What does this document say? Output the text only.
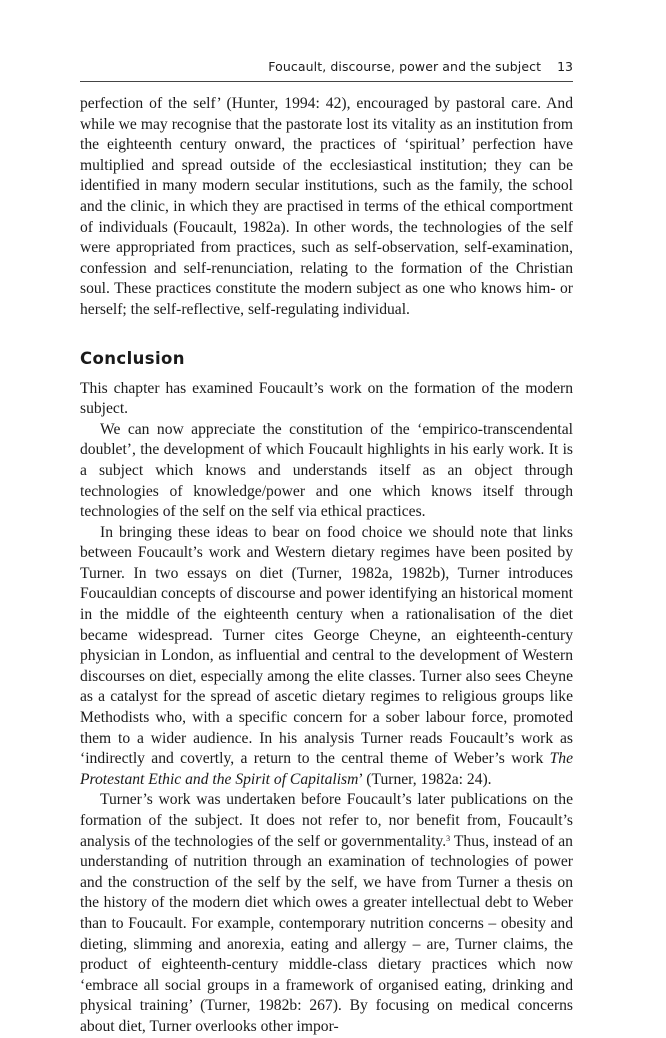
Foucault, discourse, power and the subject 13

perfection of the self’ (Hunter, 1994: 42), encouraged by pastoral care. And while we may recognise that the pastorate lost its vitality as an institution from the eighteenth century onward, the practices of ‘spiritual’ perfection have multiplied and spread outside of the ecclesiastical institution; they can be identified in many modern secular institutions, such as the family, the school and the clinic, in which they are practised in terms of the ethical comportment of individuals (Foucault, 1982a). In other words, the technologies of the self were appropriated from practices, such as self-observation, self-examination, confession and self-renunciation, relating to the formation of the Christian soul. These practices constitute the modern subject as one who knows him- or herself; the self-reflective, self-regulating individual.

Conclusion

This chapter has examined Foucault’s work on the formation of the modern subject.

We can now appreciate the constitution of the ‘empirico-transcendental doublet’, the development of which Foucault highlights in his early work. It is a subject which knows and understands itself as an object through technologies of knowledge/power and one which knows itself through technologies of the self on the self via ethical practices.

In bringing these ideas to bear on food choice we should note that links between Foucault’s work and Western dietary regimes have been posited by Turner. In two essays on diet (Turner, 1982a, 1982b), Turner introduces Foucauldian concepts of discourse and power identifying an historical moment in the middle of the eighteenth century when a rationalisation of the diet became widespread. Turner cites George Cheyne, an eighteenth-century physician in London, as influential and central to the development of Western discourses on diet, especially among the elite classes. Turner also sees Cheyne as a catalyst for the spread of ascetic dietary regimes to religious groups like Methodists who, with a specific concern for a sober labour force, promoted them to a wider audience. In his analysis Turner reads Foucault’s work as ‘indirectly and covertly, a return to the central theme of Weber’s work The Protestant Ethic and the Spirit of Capitalism’ (Turner, 1982a: 24).

Turner’s work was undertaken before Foucault’s later publications on the formation of the subject. It does not refer to, nor benefit from, Foucault’s analysis of the technologies of the self or governmentality.$^3$ Thus, instead of an understanding of nutrition through an examination of technologies of power and the construction of the self by the self, we have from Turner a thesis on the history of the modern diet which owes a greater intellectual debt to Weber than to Foucault. For example, contemporary nutrition concerns – obesity and dieting, slimming and anorexia, eating and allergy – are, Turner claims, the product of eighteenth-century middle-class dietary practices which now ‘embrace all social groups in a framework of organised eating, drinking and physical training’ (Turner, 1982b: 267). By focusing on medical concerns about diet, Turner overlooks other impor-
